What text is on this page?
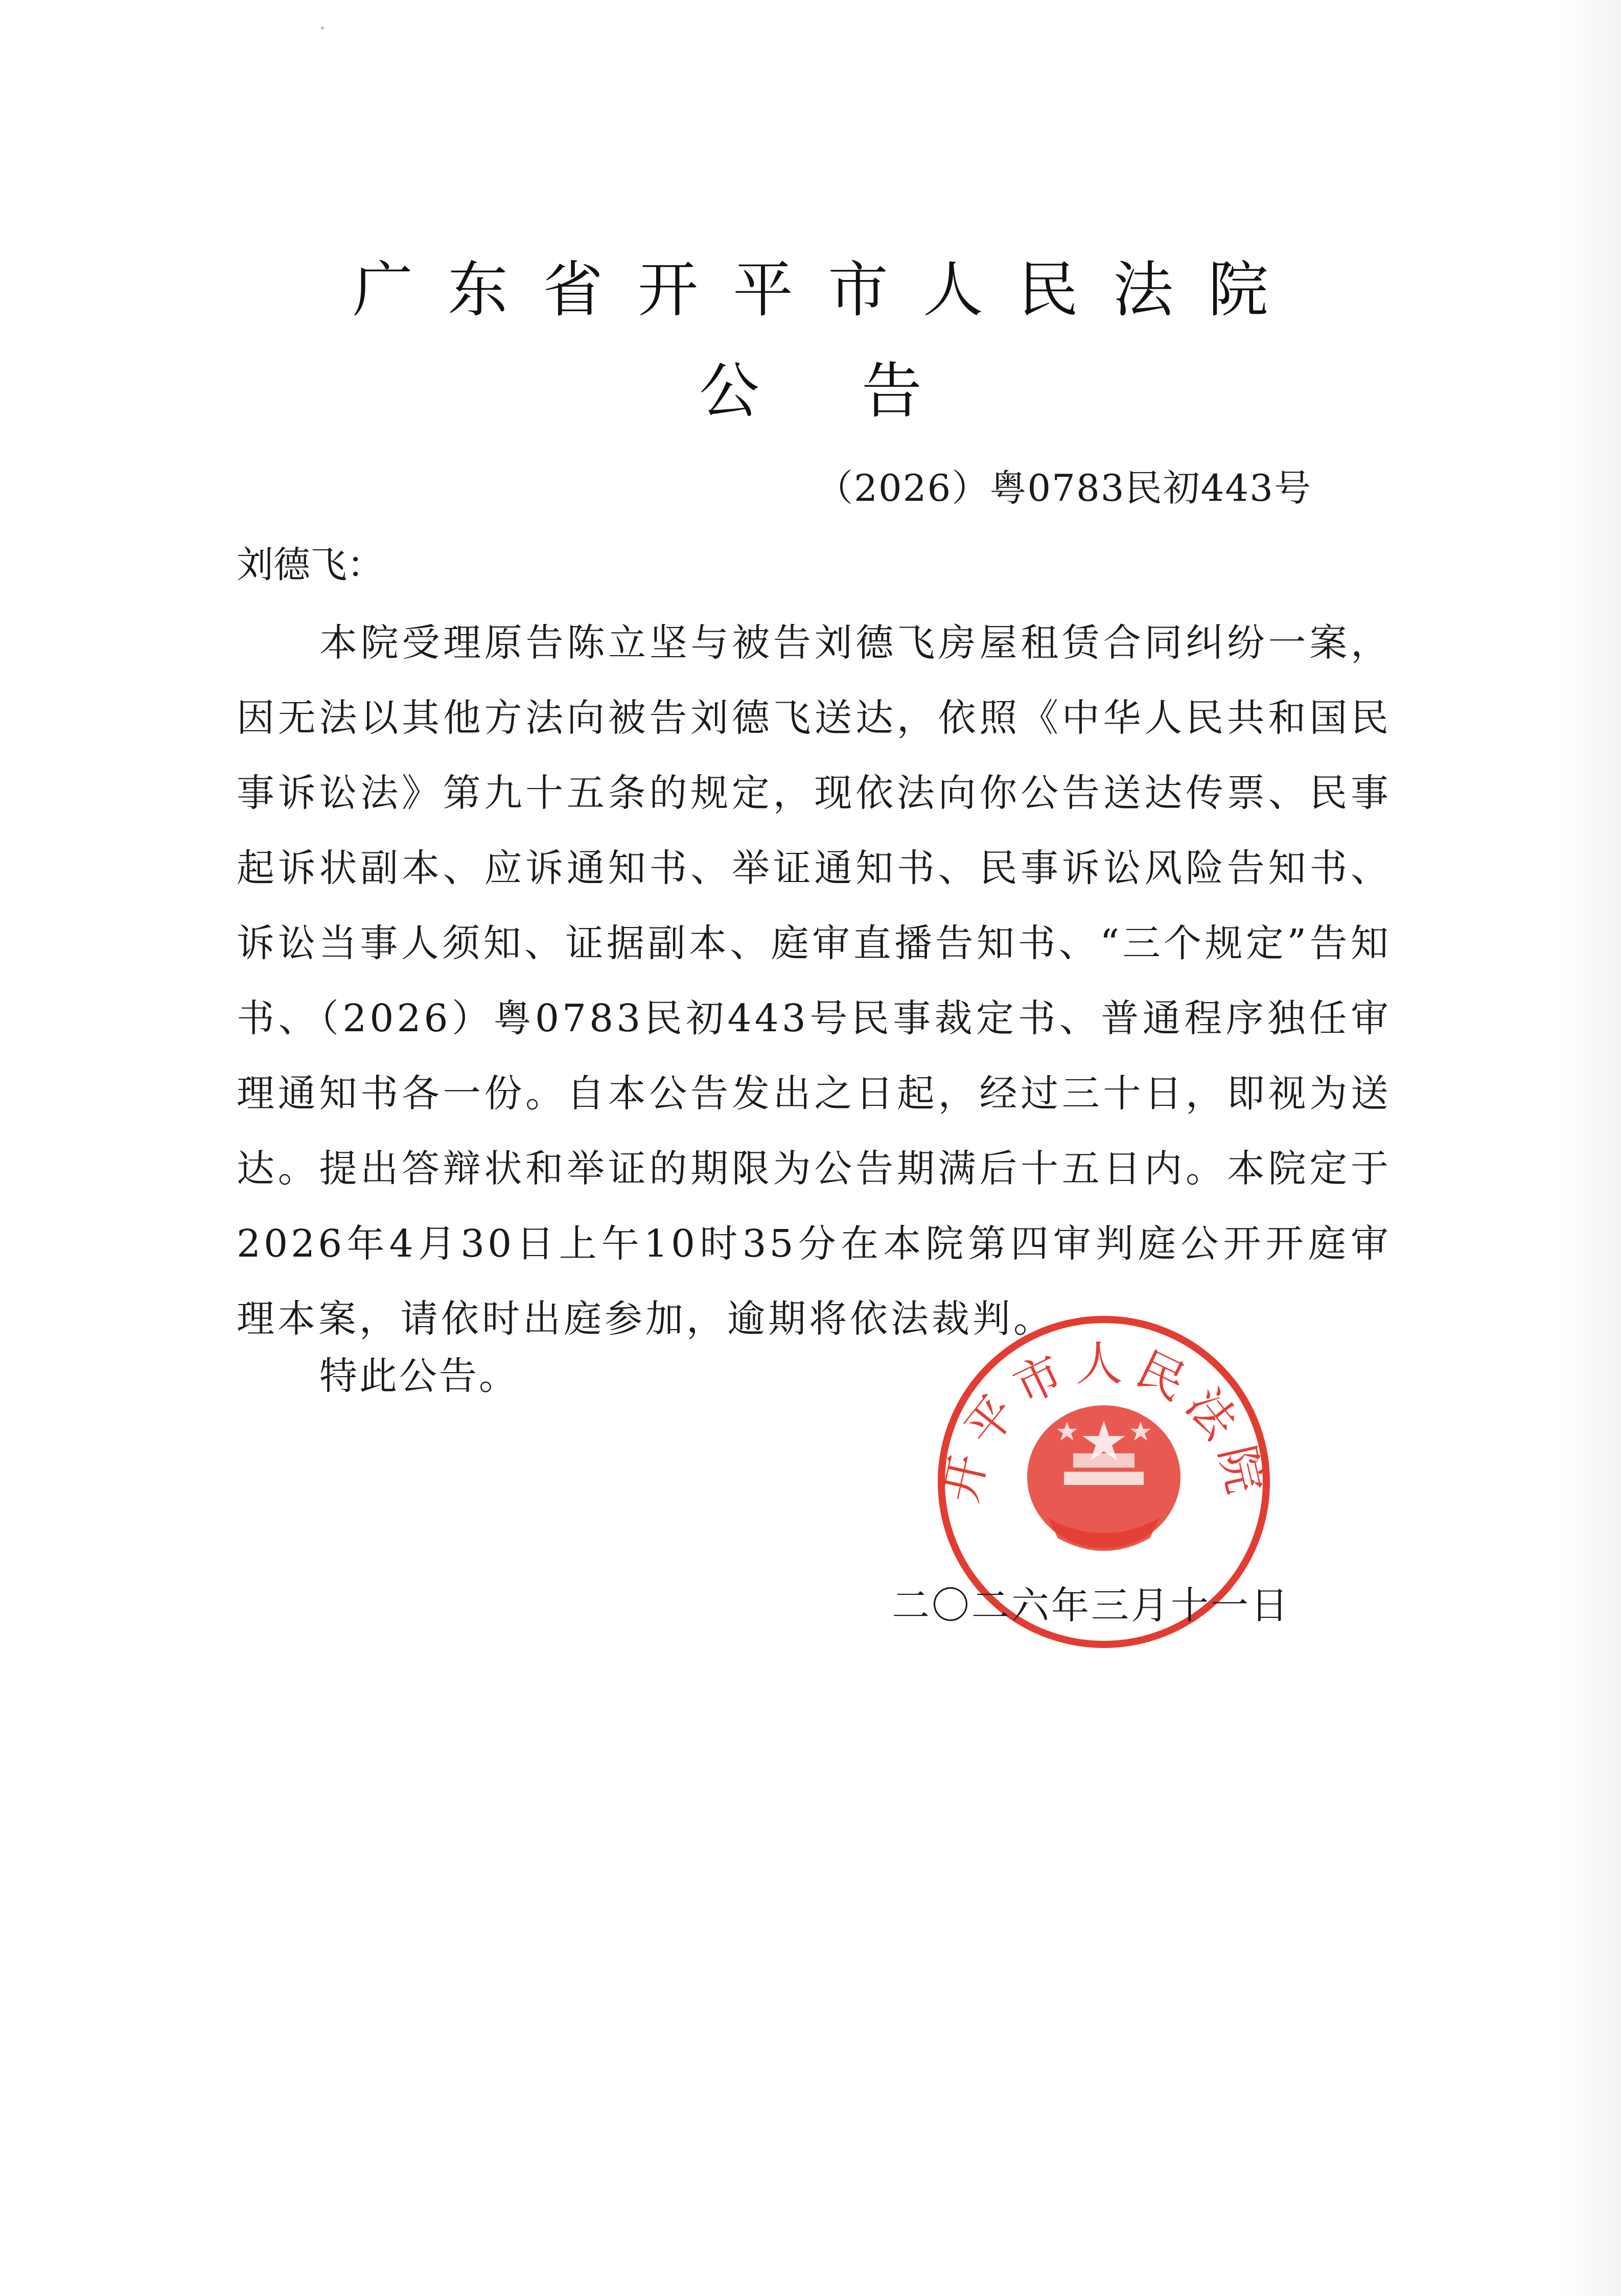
广东省开平市人民法院
公告
（2026）粤0783民初443号
刘德飞：

本院受理原告陈立坚与被告刘德飞房屋租赁合同纠纷一案，因无法以其他方法向被告刘德飞送达，依照《中华人民共和国民事诉讼法》第九十五条的规定，现依法向你公告送达传票、民事起诉状副本、应诉通知书、举证通知书、民事诉讼风险告知书、诉讼当事人须知、证据副本、庭审直播告知书、“三个规定”告知书、（2026）粤0783民初443号民事裁定书、普通程序独任审理通知书各一份。自本公告发出之日起，经过三十日，即视为送达。提出答辩状和举证的期限为公告期满后十五日内。本院定于2026年4月30日上午10时35分在本院第四审判庭公开开庭审理本案，请依时出庭参加，逾期将依法裁判。

特此公告。
开平市人民法院
二〇二六年三月十一日
